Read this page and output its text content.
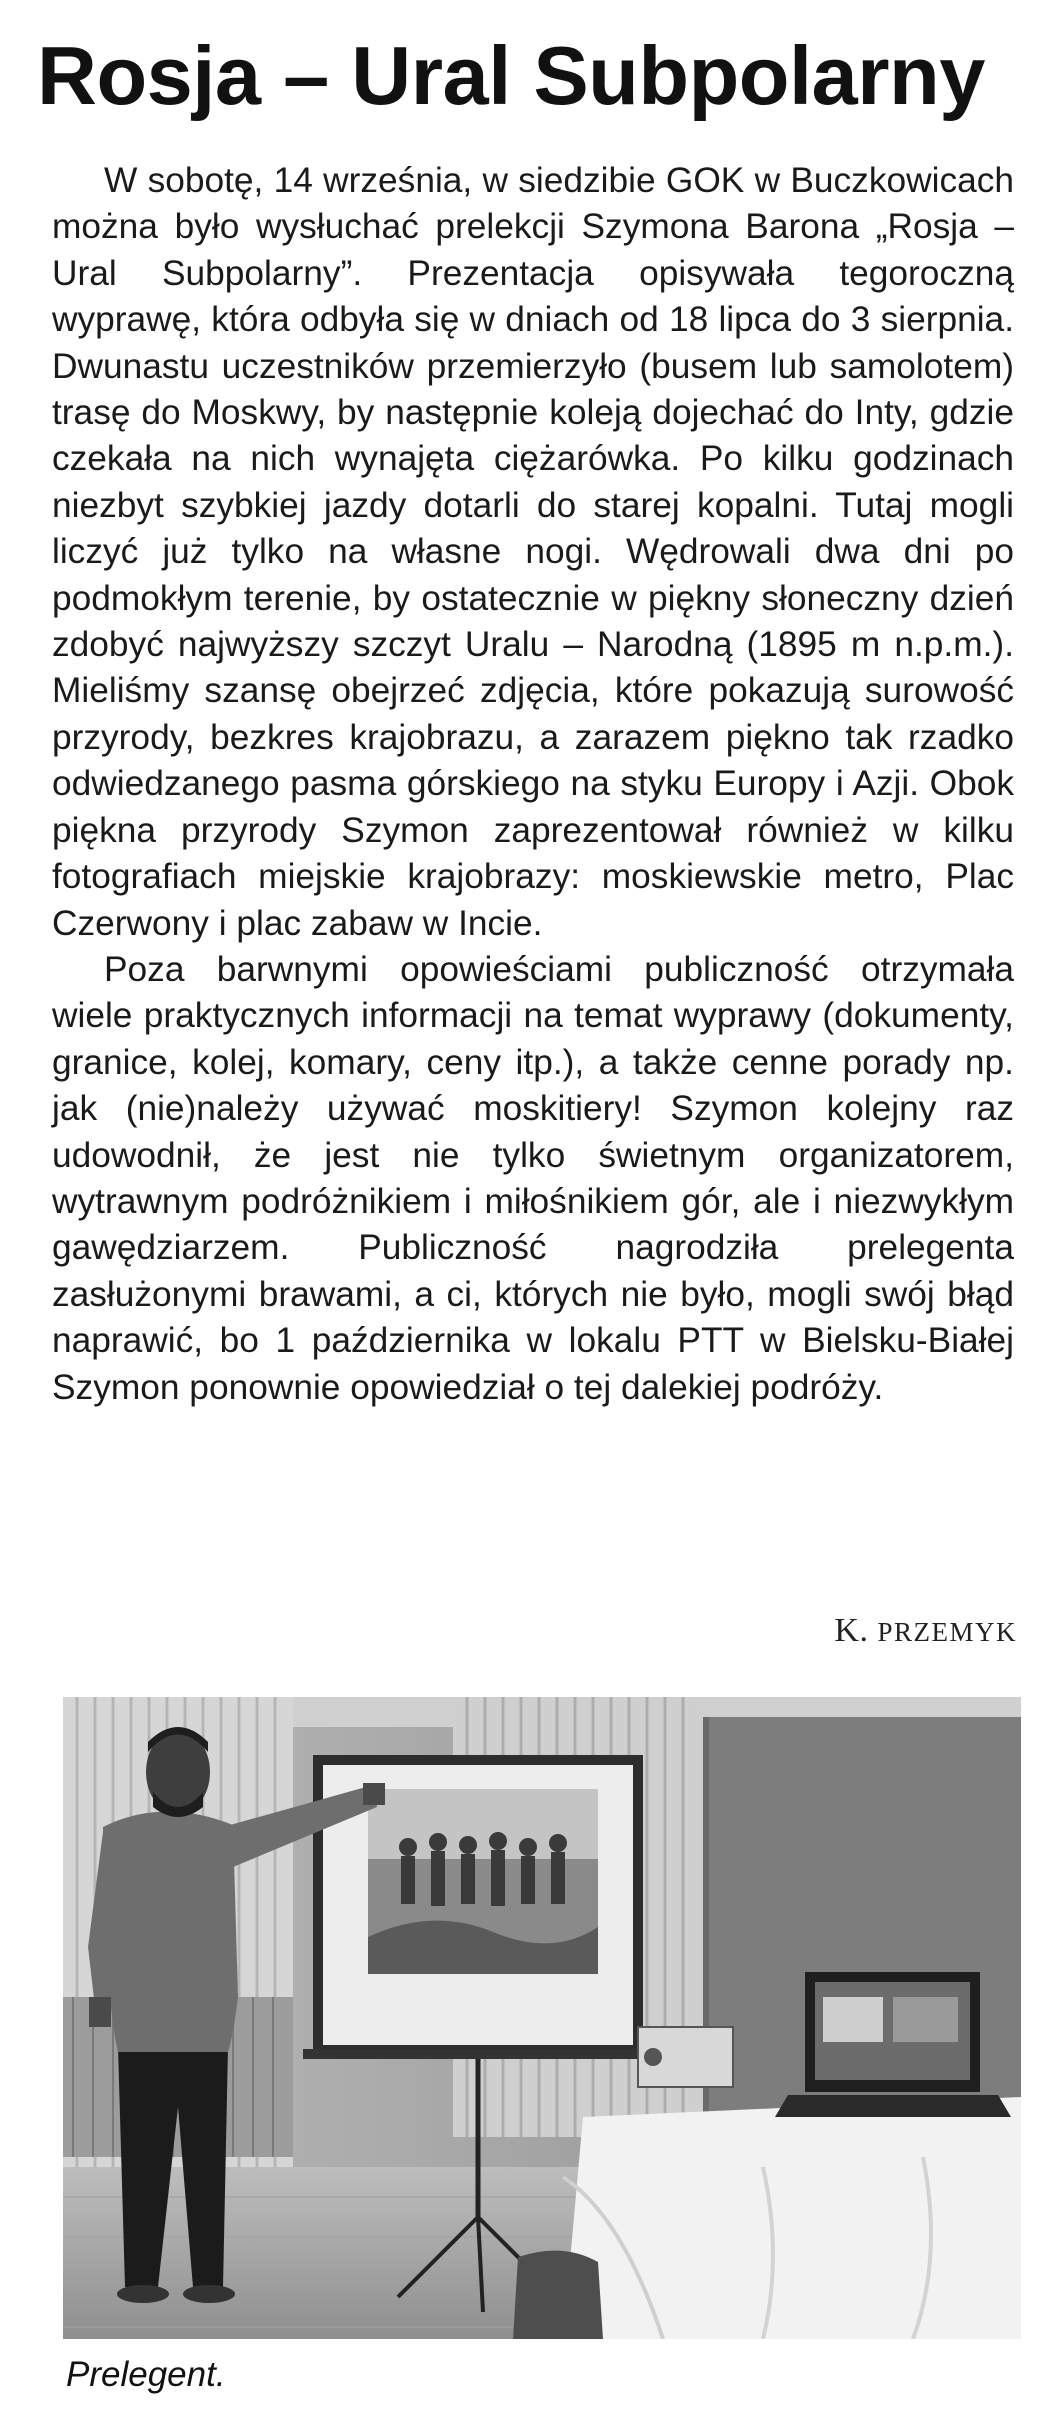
Rosja – Ural Subpolarny

W sobotę, 14 września, w siedzibie GOK w Buczkowicach można było wysłuchać prelekcji Szymona Barona „Rosja – Ural Subpolarny”. Prezentacja opisywała tegoroczną wyprawę, która odbyła się w dniach od 18 lipca do 3 sierpnia. Dwunastu uczestników przemierzyło (busem lub samolotem) trasę do Moskwy, by następnie koleją dojechać do Inty, gdzie czekała na nich wynajęta ciężarówka. Po kilku godzinach niezbyt szybkiej jazdy dotarli do starej kopalni. Tutaj mogli liczyć już tylko na własne nogi. Wędrowali dwa dni po podmokłym terenie, by ostatecznie w piękny słoneczny dzień zdobyć najwyższy szczyt Uralu – Narodną (1895 m n.p.m.). Mieliśmy szansę obejrzeć zdjęcia, które pokazują surowość przyrody, bezkres krajobrazu, a zarazem piękno tak rzadko odwiedzanego pasma górskiego na styku Europy i Azji. Obok piękna przyrody Szymon zaprezentował również w kilku fotografiach miejskie krajobrazy: moskiewskie metro, Plac Czerwony i plac zabaw w Incie.

Poza barwnymi opowieściami publiczność otrzymała wiele praktycznych informacji na temat wyprawy (dokumenty, granice, kolej, komary, ceny itp.), a także cenne porady np. jak (nie)należy używać moskitiery! Szymon kolejny raz udowodnił, że jest nie tylko świetnym organizatorem, wytrawnym podróżnikiem i miłośnikiem gór, ale i niezwykłym gawędziarzem. Publiczność nagrodziła prelegenta zasłużonymi brawami, a ci, których nie było, mogli swój błąd naprawić, bo 1 października w lokalu PTT w Bielsku-Białej Szymon ponownie opowiedział o tej dalekiej podróży.

K. PRZEMYK
Prelegent.
